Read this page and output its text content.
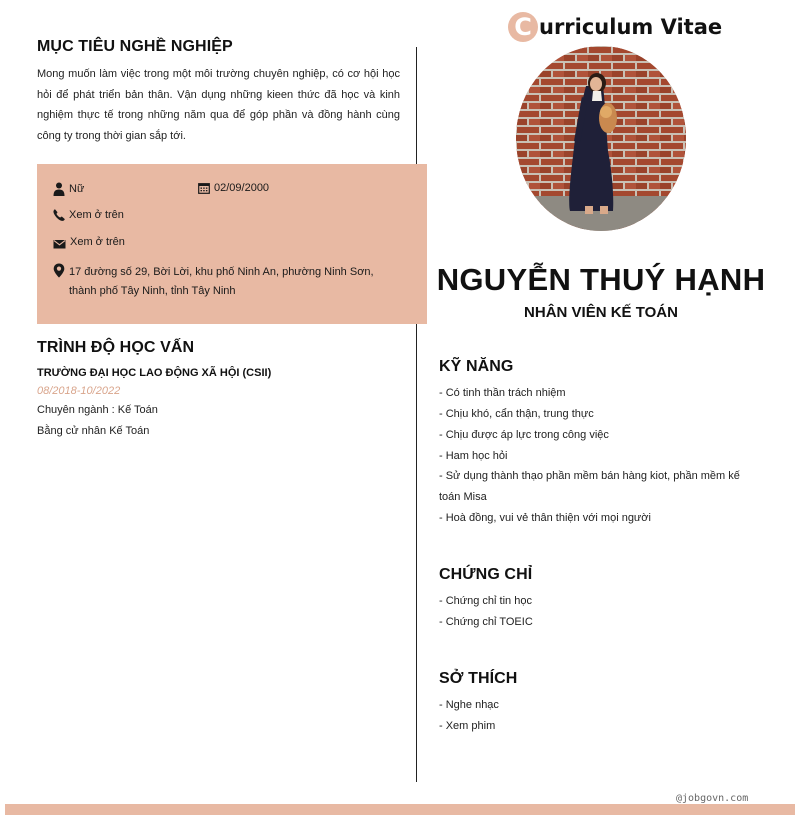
MỤC TIÊU NGHỀ NGHIỆP
Mong muốn làm việc trong một môi trường chuyên nghiệp, có cơ hội học hỏi để phát triển bản thân. Vận dụng những kieen thức đã học và kinh nghiệm thực tế trong những năm qua để góp phần và đồng hành cùng công ty trong thời gian sắp tới.
Nữ	02/09/2000
Xem ở trên
Xem ở trên
17 đường số 29, Bời Lời, khu phố Ninh An, phường Ninh Sơn,
thành phố Tây Ninh, tỉnh Tây Ninh
TRÌNH ĐỘ HỌC VẤN
TRƯỜNG ĐẠI HỌC LAO ĐỘNG XÃ HỘI (CSII)
08/2018-10/2022
Chuyên ngành : Kế Toán
Bằng cử nhân Kế Toán
C urriculum Vitae
NGUYỄN THUÝ HẠNH
NHÂN VIÊN KẾ TOÁN
KỸ NĂNG
- Có tinh thần trách nhiệm
- Chịu khó, cẩn thận, trung thực
- Chịu được áp lực trong công việc
- Ham học hỏi
- Sử dụng thành thạo phần mềm bán hàng kiot, phần mềm kế toán Misa
- Hoà đồng, vui vẻ thân thiện với mọi người
CHỨNG CHỈ
- Chứng chỉ tin học
- Chứng chỉ TOEIC
SỞ THÍCH
- Nghe nhạc
- Xem phim
@jobgovn.com
